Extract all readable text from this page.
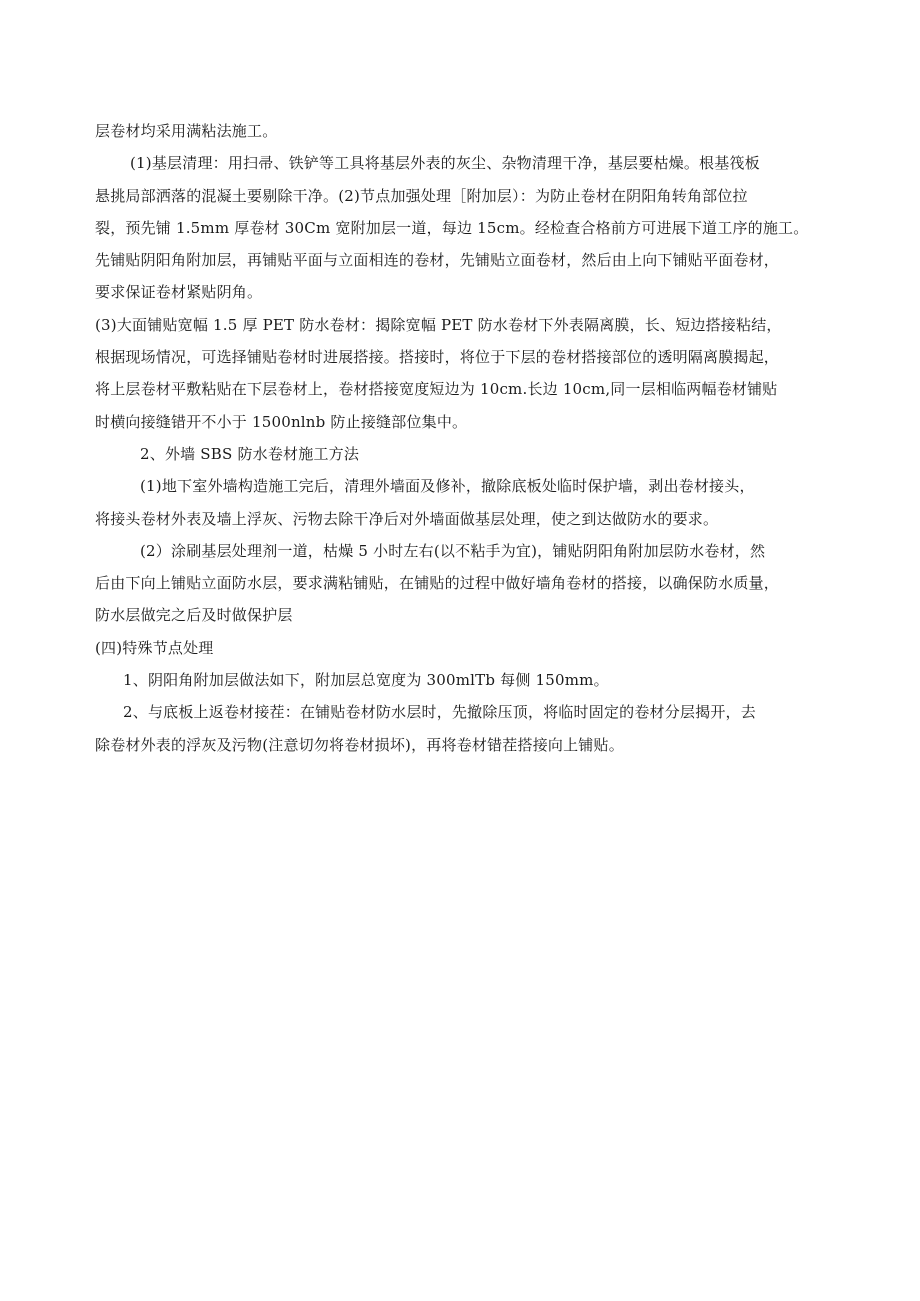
层卷材均采用满粘法施工。
(1)基层清理：用扫帚、铁铲等工具将基层外表的灰尘、杂物清理干净，基层要枯燥。根基筏板
悬挑局部洒落的混凝土要剔除干净。(2)节点加强处理［附加层）：为防止卷材在阴阳角转角部位拉
裂，预先铺 1.5mm 厚卷材 30Cm 宽附加层一道，每边 15cm。经检查合格前方可进展下道工序的施工。
先铺贴阴阳角附加层，再铺贴平面与立面相连的卷材，先铺贴立面卷材，然后由上向下铺贴平面卷材，
要求保证卷材紧贴阴角。
(3)大面铺贴宽幅 1.5 厚 PET 防水卷材：揭除宽幅 PET 防水卷材下外表隔离膜，长、短边搭接粘结，
根据现场情况，可选择铺贴卷材时进展搭接。搭接时，将位于下层的卷材搭接部位的透明隔离膜揭起，
将上层卷材平敷粘贴在下层卷材上，卷材搭接宽度短边为 10cm.长边 10cm,同一层相临两幅卷材铺贴
时横向接缝错开不小于 1500nlnb 防止接缝部位集中。
2、外墙 SBS 防水卷材施工方法
(1)地下室外墙构造施工完后，清理外墙面及修补，撤除底板处临时保护墙，剥出卷材接头，
将接头卷材外表及墙上浮灰、污物去除干净后对外墙面做基层处理，使之到达做防水的要求。
(2）涂刷基层处理剂一道，枯燥 5 小时左右(以不粘手为宜)，铺贴阴阳角附加层防水卷材，然
后由下向上铺贴立面防水层，要求满粘铺贴，在铺贴的过程中做好墙角卷材的搭接，以确保防水质量，
防水层做完之后及时做保护层
(四)特殊节点处理
1、阴阳角附加层做法如下，附加层总宽度为 300mlTb 每侧 150mm。
2、与底板上返卷材接茬：在铺贴卷材防水层时，先撤除压顶，将临时固定的卷材分层揭开，去
除卷材外表的浮灰及污物(注意切勿将卷材损坏)，再将卷材错茬搭接向上铺贴。
